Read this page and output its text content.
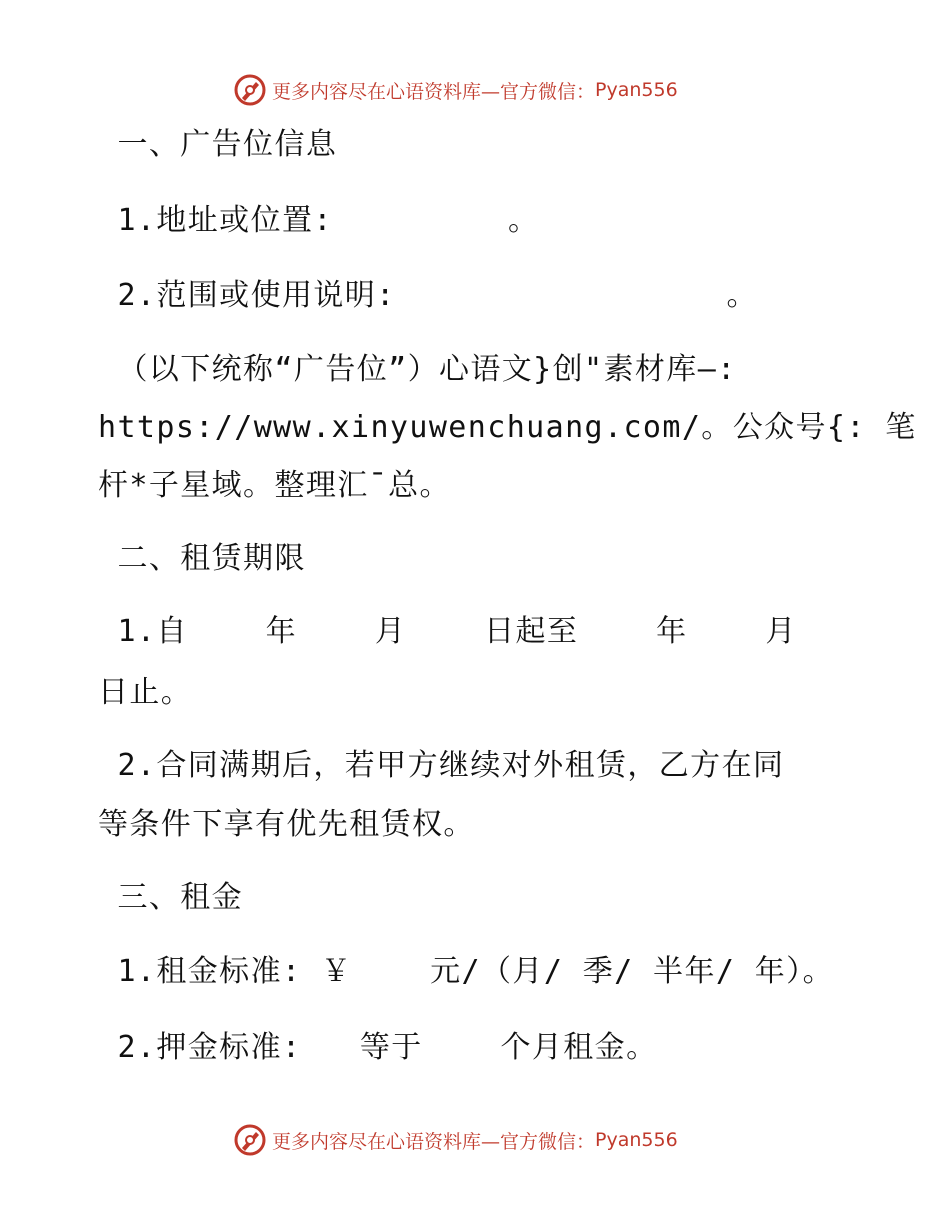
更多内容尽在心语资料库—官方微信： Pyan556
一、广告位信息
1.地址或位置:         。
2.范围或使用说明:                 。
（以下统称“广告位”）心语文}创"素材库—:
https://www.xinyuwenchuang.com/。公众号{: 笔
杆*子星域。整理汇¯总。
二、租赁期限
1.自    年    月    日起至    年    月
日止。
2.合同满期后，若甲方继续对外租赁，乙方在同
等条件下享有优先租赁权。
三、租金
1.租金标准: ￥    元/（月/ 季/ 半年/ 年）。
2.押金标准:   等于    个月租金。
更多内容尽在心语资料库—官方微信： Pyan556
